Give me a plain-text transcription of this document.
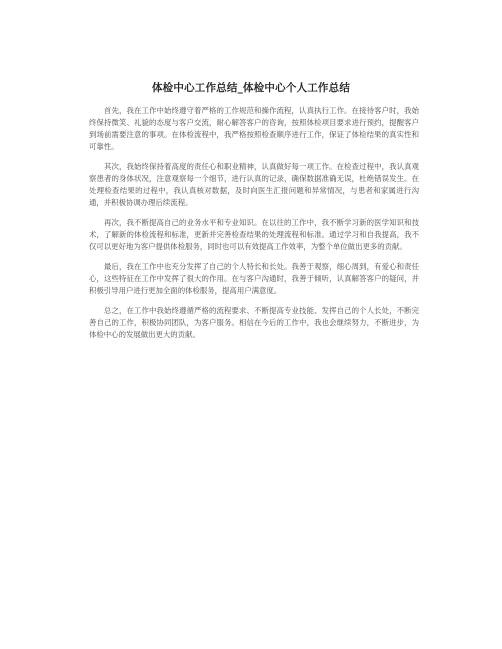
体检中心工作总结_体检中心个人工作总结

首先，我在工作中始终遵守着严格的工作规范和操作流程，认真执行工作。在接待客户时，我始终保持微笑、礼貌的态度与客户交流，耐心解答客户的咨询，按照体检项目要求进行预约，提醒客户到场前需要注意的事项。在体检流程中，我严格按照检查顺序进行工作，保证了体检结果的真实性和可靠性。

其次，我始终保持着高度的责任心和职业精神，认真做好每一项工作。在检查过程中，我认真观察患者的身体状况，注意观察每一个细节，进行认真的记录，确保数据准确无误，杜绝错误发生。在处理检查结果的过程中，我认真核对数据，及时向医生汇报问题和异常情况，与患者和家属进行沟通，并积极协调办理后续流程。

再次，我不断提高自己的业务水平和专业知识。在以往的工作中，我不断学习新的医学知识和技术，了解新的体检流程和标准，更新并完善检查结果的处理流程和标准。通过学习和自我提高，我不仅可以更好地为客户提供体检服务，同时也可以有效提高工作效率，为整个单位做出更多的贡献。

最后，我在工作中也充分发挥了自己的个人特长和长处。我善于观察，细心周到，有爱心和责任心，这些特征在工作中发挥了很大的作用。在与客户沟通时，我善于倾听，认真解答客户的疑问，并积极引导用户进行更加全面的体检服务，提高用户满意度。

总之，在工作中我始终遵循严格的流程要求、不断提高专业技能、发挥自己的个人长处，不断完善自己的工作，积极协同团队，为客户服务。相信在今后的工作中，我也会继续努力，不断进步，为体检中心的发展做出更大的贡献。
